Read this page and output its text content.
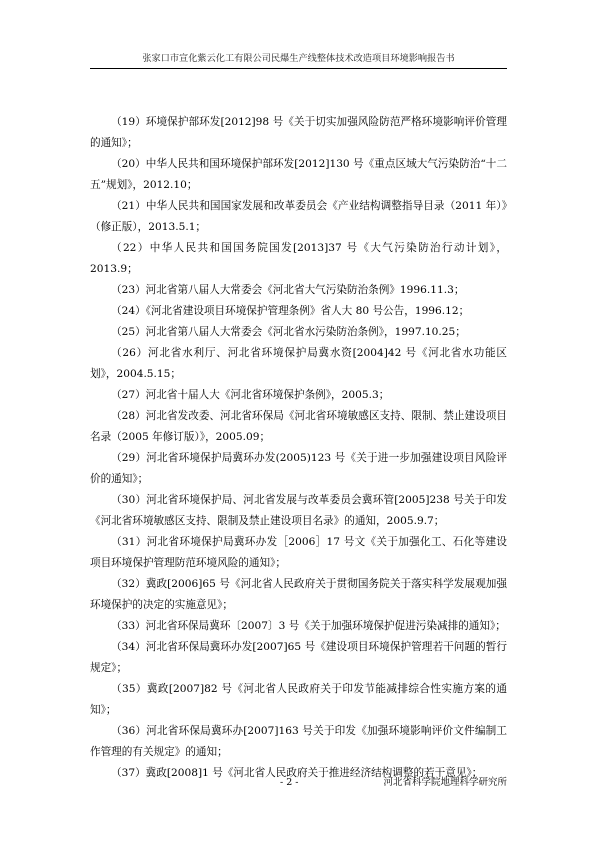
张家口市宣化紫云化工有限公司民爆生产线整体技术改造项目环境影响报告书

（19）环境保护部环发[2012]98 号《关于切实加强风险防范严格环境影响评价管理的通知》；

（20）中华人民共和国环境保护部环发[2012]130 号《重点区域大气污染防治“十二五”规划》，2012.10；

（21）中华人民共和国国家发展和改革委员会《产业结构调整指导目录（2011 年）》（修正版），2013.5.1；

（22）中华人民共和国国务院国发[2013]37 号《大气污染防治行动计划》，2013.9；

（23）河北省第八届人大常委会《河北省大气污染防治条例》1996.11.3；

（24）《河北省建设项目环境保护管理条例》省人大 80 号公告，1996.12；

（25）河北省第八届人大常委会《河北省水污染防治条例》，1997.10.25；

（26）河北省水利厅、河北省环境保护局冀水资[2004]42 号《河北省水功能区划》，2004.5.15；

（27）河北省十届人大《河北省环境保护条例》，2005.3；

（28）河北省发改委、河北省环保局《河北省环境敏感区支持、限制、禁止建设项目名录（2005 年修订版）》，2005.09；

（29）河北省环境保护局冀环办发(2005)123 号《关于进一步加强建设项目风险评价的通知》；

（30）河北省环境保护局、河北省发展与改革委员会冀环管[2005]238 号关于印发《河北省环境敏感区支持、限制及禁止建设项目名录》的通知，2005.9.7；

（31）河北省环境保护局冀环办发［2006］17 号文《关于加强化工、石化等建设项目环境保护管理防范环境风险的通知》；

（32）冀政[2006]65 号《河北省人民政府关于贯彻国务院关于落实科学发展观加强环境保护的决定的实施意见》；

（33）河北省环保局冀环〔2007〕3 号《关于加强环境保护促进污染减排的通知》；

（34）河北省环保局冀环办发[2007]65 号《建设项目环境保护管理若干问题的暂行规定》；

（35）冀政[2007]82 号《河北省人民政府关于印发节能减排综合性实施方案的通知》；

（36）河北省环保局冀环办[2007]163 号关于印发《加强环境影响评价文件编制工作管理的有关规定》的通知；

（37）冀政[2008]1 号《河北省人民政府关于推进经济结构调整的若干意见》；

- 2 -	河北省科学院地理科学研究所
